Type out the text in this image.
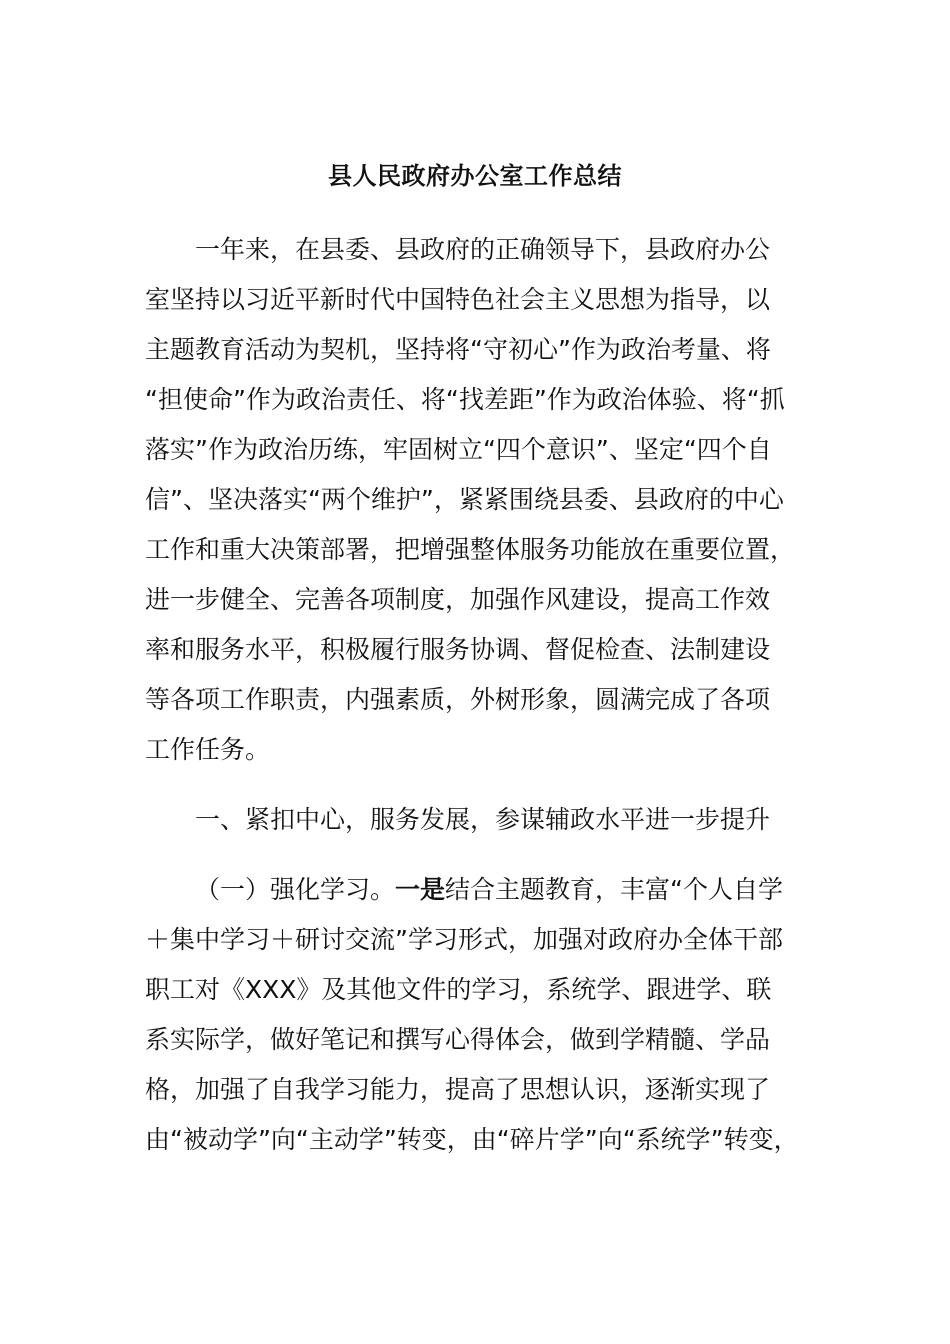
县人民政府办公室工作总结
一年来，在县委、县政府的正确领导下，县政府办公
室坚持以习近平新时代中国特色社会主义思想为指导，以
主题教育活动为契机，坚持将“守初心”作为政治考量、将
“担使命”作为政治责任、将“找差距”作为政治体验、将“抓
落实”作为政治历练，牢固树立“四个意识”、坚定“四个自
信”、坚决落实“两个维护”，紧紧围绕县委、县政府的中心
工作和重大决策部署，把增强整体服务功能放在重要位置，
进一步健全、完善各项制度，加强作风建设，提高工作效
率和服务水平，积极履行服务协调、督促检查、法制建设
等各项工作职责，内强素质，外树形象，圆满完成了各项
工作任务。
一、紧扣中心，服务发展，参谋辅政水平进一步提升
（一）强化学习。一是结合主题教育，丰富“个人自学
＋集中学习＋研讨交流”学习形式，加强对政府办全体干部
职工对《XXX》及其他文件的学习，系统学、跟进学、联
系实际学，做好笔记和撰写心得体会，做到学精髓、学品
格，加强了自我学习能力，提高了思想认识，逐渐实现了
由“被动学”向“主动学”转变，由“碎片学”向“系统学”转变，
